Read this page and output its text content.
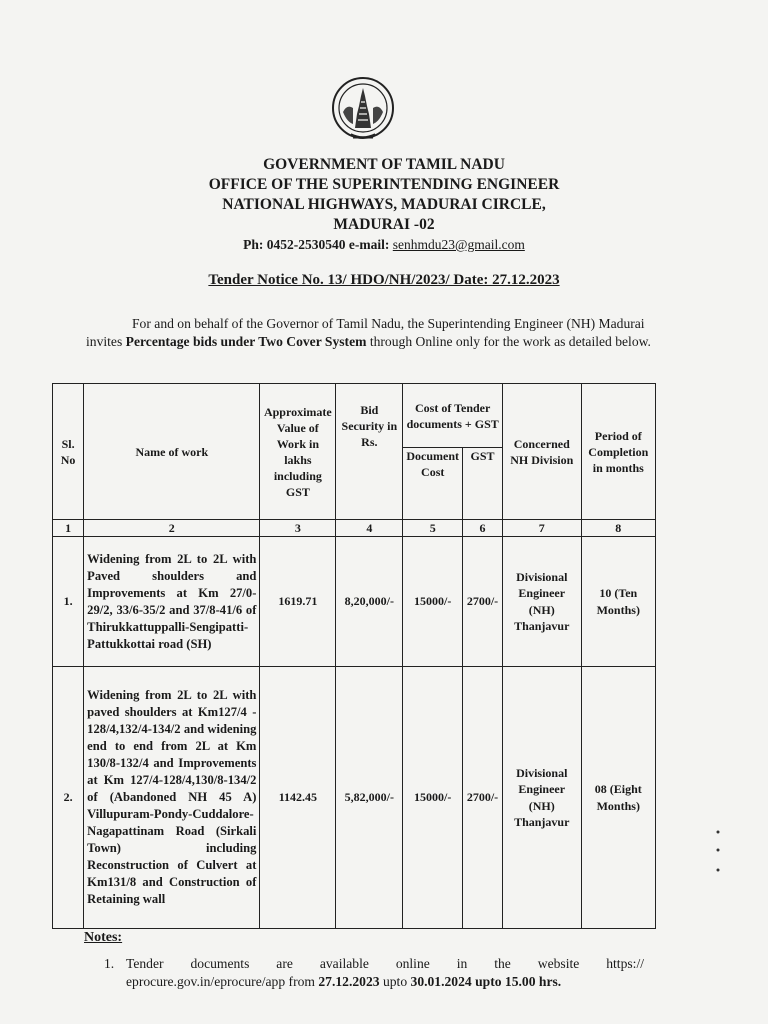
GOVERNMENT OF TAMIL NADU
OFFICE OF THE SUPERINTENDING ENGINEER
NATIONAL HIGHWAYS, MADURAI CIRCLE,
MADURAI -02
Ph: 0452-2530540 e-mail: senhmdu23@gmail.com
Tender Notice No. 13/ HDO/NH/2023/ Date: 27.12.2023
For and on behalf of the Governor of Tamil Nadu, the Superintending Engineer (NH) Madurai invites Percentage bids under Two Cover System through Online only for the work as detailed below.
Sl. No	Name of work	Approximate Value of Work in lakhs including GST	Bid Security in Rs.	Cost of Tender documents + GST		Concerned NH Division	Period of Completion in months
				Document Cost	GST		
1	2	3	4	5	6	7	8
1.	Widening from 2L to 2L with Paved shoulders and Improvements at Km 27/0-29/2, 33/6-35/2 and 37/8-41/6 of Thirukkattuppalli-Sengipatti-Pattukkottai road (SH)	1619.71	8,20,000/-	15000/-	2700/-	Divisional Engineer (NH) Thanjavur	10 (Ten Months)
2.	Widening from 2L to 2L with paved shoulders at Km127/4 - 128/4,132/4-134/2 and widening end to end from 2L at Km 130/8-132/4 and Improvements at Km 127/4-128/4,130/8-134/2 of (Abandoned NH 45 A) Villupuram-Pondy-Cuddalore-Nagapattinam Road (Sirkali Town) including Reconstruction of Culvert at Km131/8 and Construction of Retaining wall	1142.45	5,82,000/-	15000/-	2700/-	Divisional Engineer (NH) Thanjavur	08 (Eight Months)
Notes:
1. Tender documents are available online in the website https://
eprocure.gov.in/eprocure/app from 27.12.2023 upto 30.01.2024 upto 15.00 hrs.
